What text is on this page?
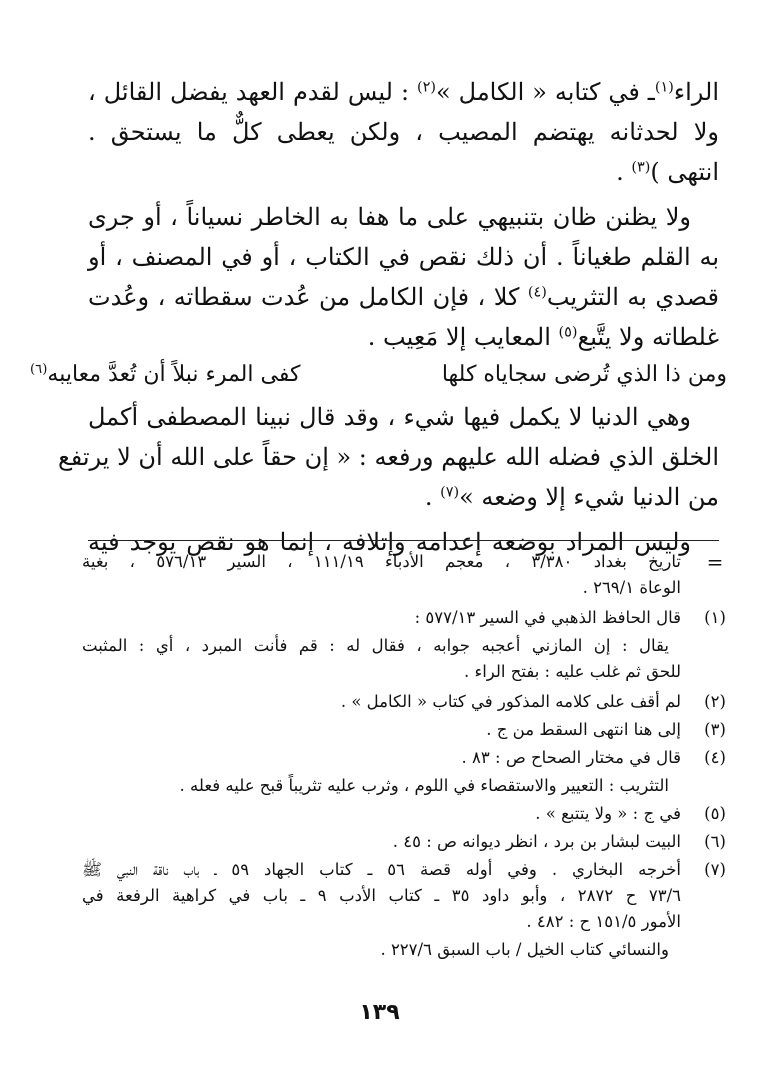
الراء$^{(١)}$ـ في كتابه « الكامل »$^{(٢)}$ : ليس لقدم العهد يفضل القائل ،
ولا لحدثانه يهتضم المصيب ، ولكن يعطى كلٌّ ما يستحق .
انتهى )$^{(٣)}$ .
ولا يظنن ظان بتنبيهي على ما هفا به الخاطر نسياناً ، أو جرى
به القلم طغياناً . أن ذلك نقص في الكتاب ، أو في المصنف ، أو
قصدي به التثريب$^{(٤)}$ كلا ، فإن الكامل من عُدت سقطاته ، وعُدت
غلطاته ولا يتَّبع$^{(٥)}$ المعايب إلا مَعِيب .
ومن ذا الذي تُرضى سجاياه كلها
كفى المرء نبلاً أن تُعدَّ معايبه$^{(٦)}$
وهي الدنيا لا يكمل فيها شيء ، وقد قال نبينا المصطفى أكمل
الخلق الذي فضله الله عليهم ورفعه : « إن حقاً على الله أن لا يرتفع
من الدنيا شيء إلا وضعه »$^{(٧)}$ .
وليس المراد بوضعه إعدامه وإتلافه ، إنما هو نقص يوجد فيه
=
تاريخ بغداد ٣/٣٨٠ ، معجم الأدباء ١١١/١٩ ، السير ٥٧٦/١٣ ، بغية
الوعاة ٢٦٩/١ .
(١)
قال الحافظ الذهبي في السير ٥٧٧/١٣ :
يقال : إن المازني أعجبه جوابه ، فقال له : قم فأنت المبرد ، أي : المثبت
للحق ثم غلب عليه : بفتح الراء .
(٢)
لم أقف على كلامه المذكور في كتاب « الكامل » .
(٣)
إلى هنا انتهى السقط من ج .
(٤)
قال في مختار الصحاح ص : ٨٣ .
التثريب : التعيير والاستقصاء في اللوم ، وثرب عليه تثريباً قبح عليه فعله .
(٥)
في ج : « ولا يتتبع » .
(٦)
البيت لبشار بن برد ، انظر ديوانه ص : ٤٥ .
(٧)
أخرجه البخاري . وفي أوله قصة ٥٦ ـ كتاب الجهاد ٥٩ ـ باب ناقة النبي ﷺ
٧٣/٦ ح ٢٨٧٢ ، وأبو داود ٣٥ ـ كتاب الأدب ٩ ـ باب في كراهية الرفعة في
الأمور ١٥١/٥ ح : ٤٨٢ .
والنسائي كتاب الخيل / باب السبق ٢٢٧/٦ .
١٣٩
